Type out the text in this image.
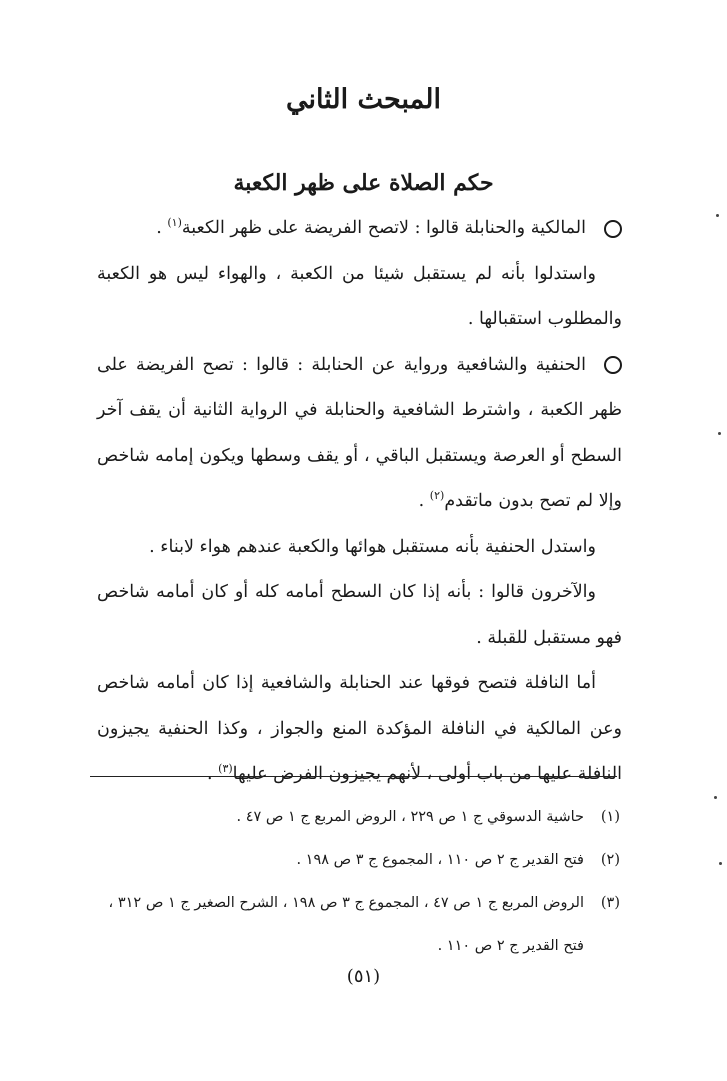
المبحث الثاني
حكم الصلاة على ظهر الكعبة

المالكية والحنابلة قالوا : لاتصح الفريضة على ظهر الكعبة$^{(١)}$ .

واستدلوا بأنه لم يستقبل شيئا من الكعبة ، والهواء ليس هو الكعبة والمطلوب استقبالها .

الحنفية والشافعية ورواية عن الحنابلة : قالوا : تصح الفريضة على ظهر الكعبة ، واشترط الشافعية والحنابلة في الرواية الثانية أن يقف آخر السطح أو العرصة ويستقبل الباقي ، أو يقف وسطها ويكون إمامه شاخص وإلا لم تصح بدون ماتقدم$^{(٢)}$ .

واستدل الحنفية بأنه مستقبل هوائها والكعبة عندهم هواء لابناء .

والآخرون قالوا : بأنه إذا كان السطح أمامه كله أو كان أمامه شاخص فهو مستقبل للقبلة .

أما النافلة فتصح فوقها عند الحنابلة والشافعية إذا كان أمامه شاخص وعن المالكية في النافلة المؤكدة المنع والجواز ، وكذا الحنفية يجيزون النافلة عليها من باب أولى ، لأنهم يجيزون الفرض عليها$^{(٣)}$ .

(١)
حاشية الدسوقي ج ١ ص ٢٢٩ ، الروض المربع ج ١ ص ٤٧ .
(٢)
فتح القدير ج ٢ ص ١١٠ ، المجموع ج ٣ ص ١٩٨ .
(٣)
الروض المربع ج ١ ص ٤٧ ، المجموع ج ٣ ص ١٩٨ ، الشرح الصغير ج ١ ص ٣١٢ ، فتح القدير ج ٢ ص ١١٠ .
(٥١)
